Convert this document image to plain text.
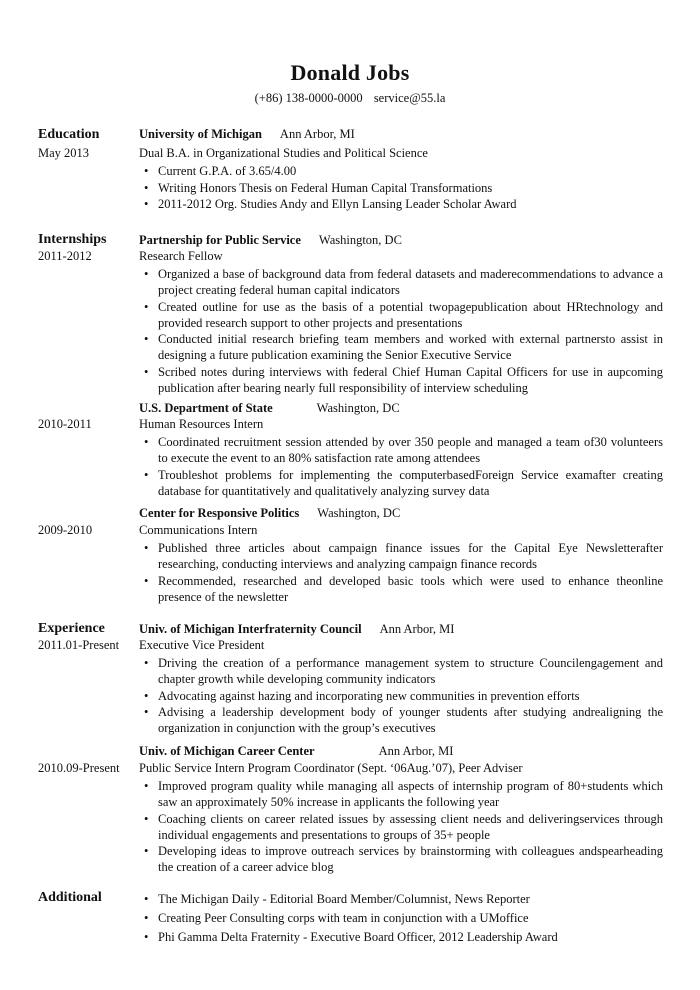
Donald Jobs
(+86) 138-0000-0000 service@55.la
Education
May 2013
University of Michigan Ann Arbor, MI
Dual B.A. in Organizational Studies and Political Science
• Current G.P.A. of 3.65/4.00
• Writing Honors Thesis on Federal Human Capital Transformations
• 2011-2012 Org. Studies Andy and Ellyn Lansing Leader Scholar Award
Internships
2011-2012
Partnership for Public Service Washington, DC
Research Fellow
• Organized a base of background data from federal datasets and maderecommendations to advance a project creating federal human capital indicators
• Created outline for use as the basis of a potential twopagepublication about HRtechnology and provided research support to other projects and presentations
• Conducted initial research briefing team members and worked with external partnersto assist in designing a future publication examining the Senior Executive Service
• Scribed notes during interviews with federal Chief Human Capital Officers for use in aupcoming publication after bearing nearly full responsibility of interview scheduling
2010-2011
U.S. Department of State	Washington, DC
Human Resources Intern
• Coordinated recruitment session attended by over 350 people and managed a team of30 volunteers to execute the event to an 80% satisfaction rate among attendees
• Troubleshot problems for implementing the computerbasedForeign Service examafter creating database for quantitatively and qualitatively analyzing survey data
2009-2010
Center for Responsive Politics Washington, DC
Communications Intern
• Published three articles about campaign finance issues for the Capital Eye Newsletterafter researching, conducting interviews and analyzing campaign finance records
• Recommended, researched and developed basic tools which were used to enhance theonline presence of the newsletter
Experience
2011.01-Present
Univ. of Michigan Interfraternity Council Ann Arbor, MI
Executive Vice President
• Driving the creation of a performance management system to structure Councilengagement and chapter growth while developing community indicators
• Advocating against hazing and incorporating new communities in prevention efforts
• Advising a leadership development body of younger students after studying andrealigning the organization in conjunction with the group’s executives
2010.09-Present
Univ. of Michigan Career Center	Ann Arbor, MI
Public Service Intern Program Coordinator (Sept. ‘06Aug.’07), Peer Adviser
• Improved program quality while managing all aspects of internship program of 80+students which saw an approximately 50% increase in applicants the following year
• Coaching clients on career related issues by assessing client needs and deliveringservices through individual engagements and presentations to groups of 35+ people
• Developing ideas to improve outreach services by brainstorming with colleagues andspearheading the creation of a career advice blog
Additional
•	The Michigan Daily - Editorial Board Member/Columnist, News Reporter
• Creating Peer Consulting corps with team in conjunction with a UMoffice
• Phi Gamma Delta Fraternity - Executive Board Officer, 2012 Leadership Award
